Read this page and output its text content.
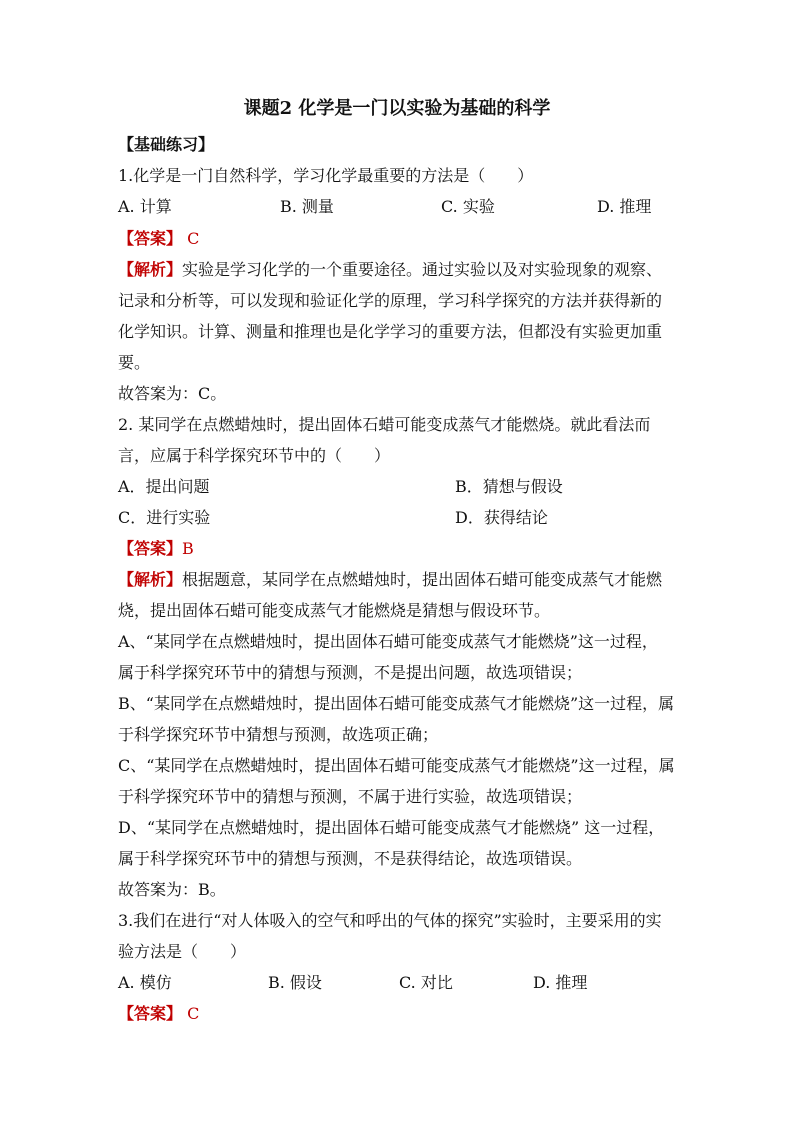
课题2 化学是一门以实验为基础的科学
【基础练习】
1.化学是一门自然科学，学习化学最重要的方法是（　　）
A. 计算	B. 测量	C. 实验	D. 推理
【答案】 C
【解析】实验是学习化学的一个重要途径。通过实验以及对实验现象的观察、
记录和分析等，可以发现和验证化学的原理，学习科学探究的方法并获得新的
化学知识。计算、测量和推理也是化学学习的重要方法，但都没有实验更加重
要。
故答案为：C。
2. 某同学在点燃蜡烛时，提出固体石蜡可能变成蒸气才能燃烧。就此看法而
言，应属于科学探究环节中的（　　）
A．提出问题	B．猜想与假设
C．进行实验	D．获得结论
【答案】B
【解析】根据题意，某同学在点燃蜡烛时，提出固体石蜡可能变成蒸气才能燃
烧，提出固体石蜡可能变成蒸气才能燃烧是猜想与假设环节。
A、“某同学在点燃蜡烛时，提出固体石蜡可能变成蒸气才能燃烧”这一过程，
属于科学探究环节中的猜想与预测，不是提出问题，故选项错误；
B、“某同学在点燃蜡烛时，提出固体石蜡可能变成蒸气才能燃烧”这一过程，属
于科学探究环节中猜想与预测，故选项正确；
C、“某同学在点燃蜡烛时，提出固体石蜡可能变成蒸气才能燃烧”这一过程，属
于科学探究环节中的猜想与预测，不属于进行实验，故选项错误；
D、“某同学在点燃蜡烛时，提出固体石蜡可能变成蒸气才能燃烧” 这一过程，
属于科学探究环节中的猜想与预测，不是获得结论，故选项错误。
故答案为：B。
3.我们在进行“对人体吸入的空气和呼出的气体的探究”实验时，主要采用的实
验方法是（　　）
A. 模仿	B. 假设	C. 对比	D. 推理
【答案】 C
